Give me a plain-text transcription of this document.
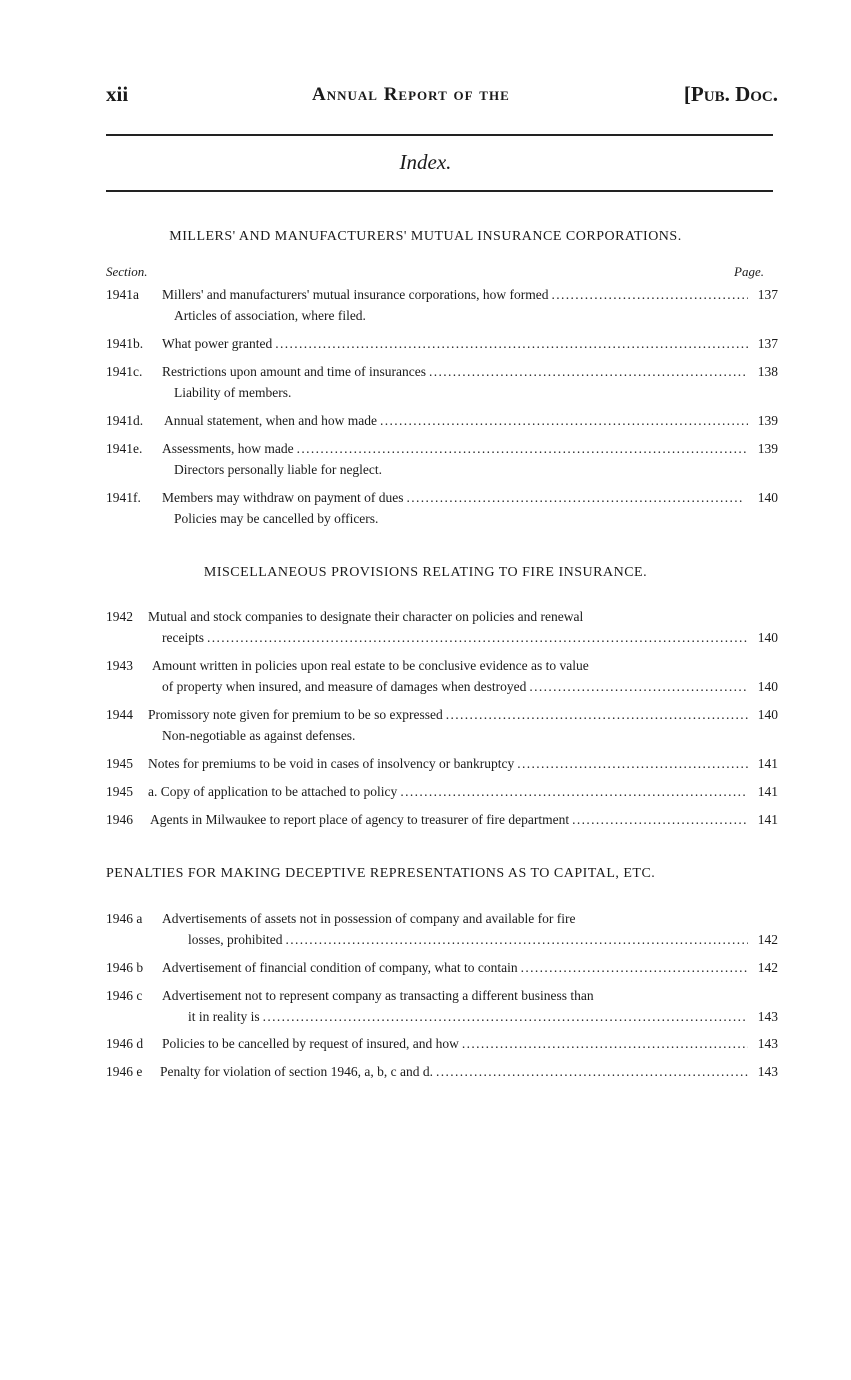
xii	Annual Report of the	[Pub. Doc.
Index.
MILLERS' AND MANUFACTURERS' MUTUAL INSURANCE CORPORATIONS.
Section.	Page.
1941a Millers' and manufacturers' mutual insurance corporations, how formed . . .	137
Articles of association, where filed.
1941b. What power granted . . .	137
1941c. Restrictions upon amount and time of insurances . . .	138
Liability of members.
1941d. Annual statement, when and how made . . .	139
1941e. Assessments, how made . . .	139
Directors personally liable for neglect.
1941f. Members may withdraw on payment of dues . . .	140
Policies may be cancelled by officers.
MISCELLANEOUS PROVISIONS RELATING TO FIRE INSURANCE.
1942 Mutual and stock companies to designate their character on policies and renewal
receipts . . .	140
1943 Amount written in policies upon real estate to be conclusive evidence as to value
of property when insured, and measure of damages when destroyed . . .	140
1944 Promissory note given for premium to be so expressed . . .	140
Non-negotiable as against defenses.
1945 Notes for premiums to be void in cases of insolvency or bankruptcy . . .	141
1945 a. Copy of application to be attached to policy . . .	141
1946 Agents in Milwaukee to report place of agency to treasurer of fire department . . .	141
PENALTIES FOR MAKING DECEPTIVE REPRESENTATIONS AS TO CAPITAL, ETC.
1946 a Advertisements of assets not in possession of company and available for fire
losses, prohibited . . .	142
1946 b Advertisement of financial condition of company, what to contain . . .	142
1946 c Advertisement not to represent company as transacting a different business than
it in reality is . . .	143
1946 d Policies to be cancelled by request of insured, and how . . .	143
1946 e Penalty for violation of section 1946, a, b, c and d. . . .	143
